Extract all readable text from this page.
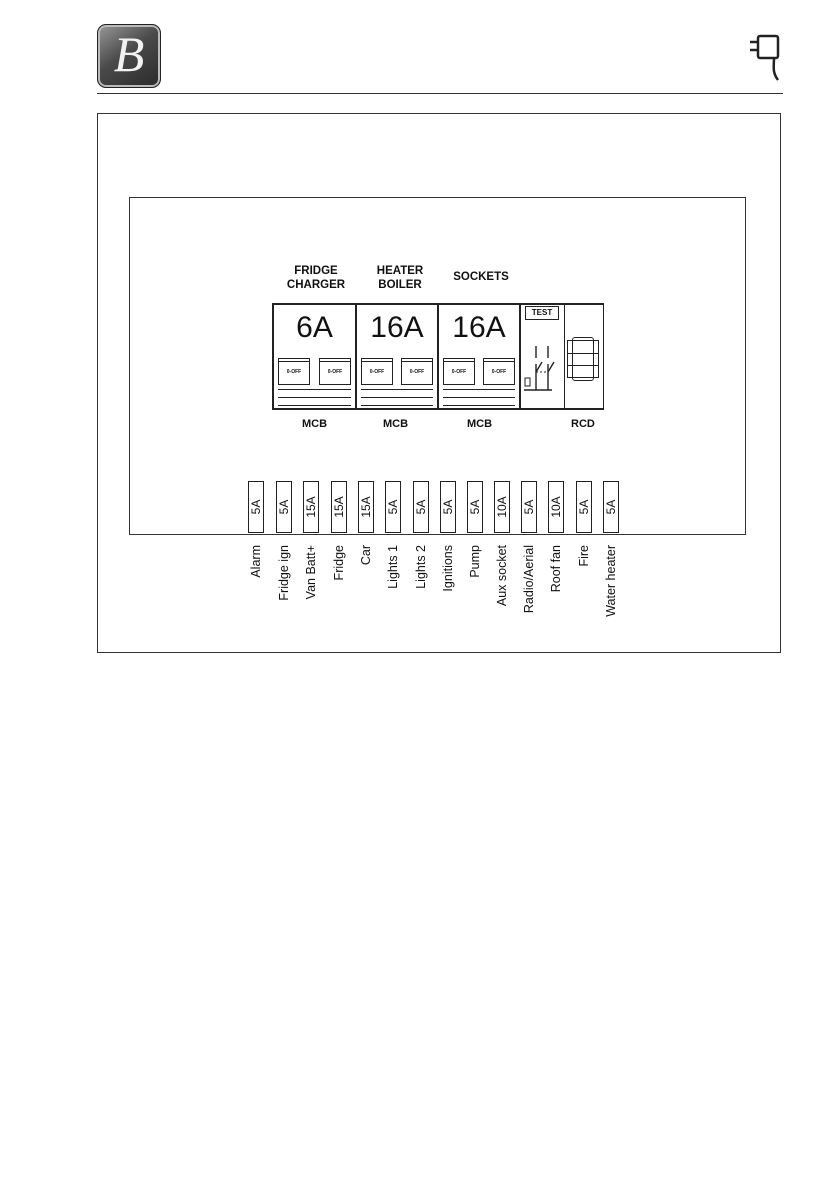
B
FRIDGE
CHARGER
HEATER
BOILER
SOCKETS
6A
0-OFF	0-OFF
16A
0-OFF	0-OFF
16A
0-OFF	0-OFF
TEST
MCB	MCB	MCB	RCD
5A 5A 15A 15A 15A 5A 5A 5A 5A 10A 5A 10A 5A 5A
Alarm Fridge ign Van Batt+ Fridge Car Lights 1 Lights 2 Ignitions Pump Aux socket Radio/Aerial Roof fan Fire Water heater
